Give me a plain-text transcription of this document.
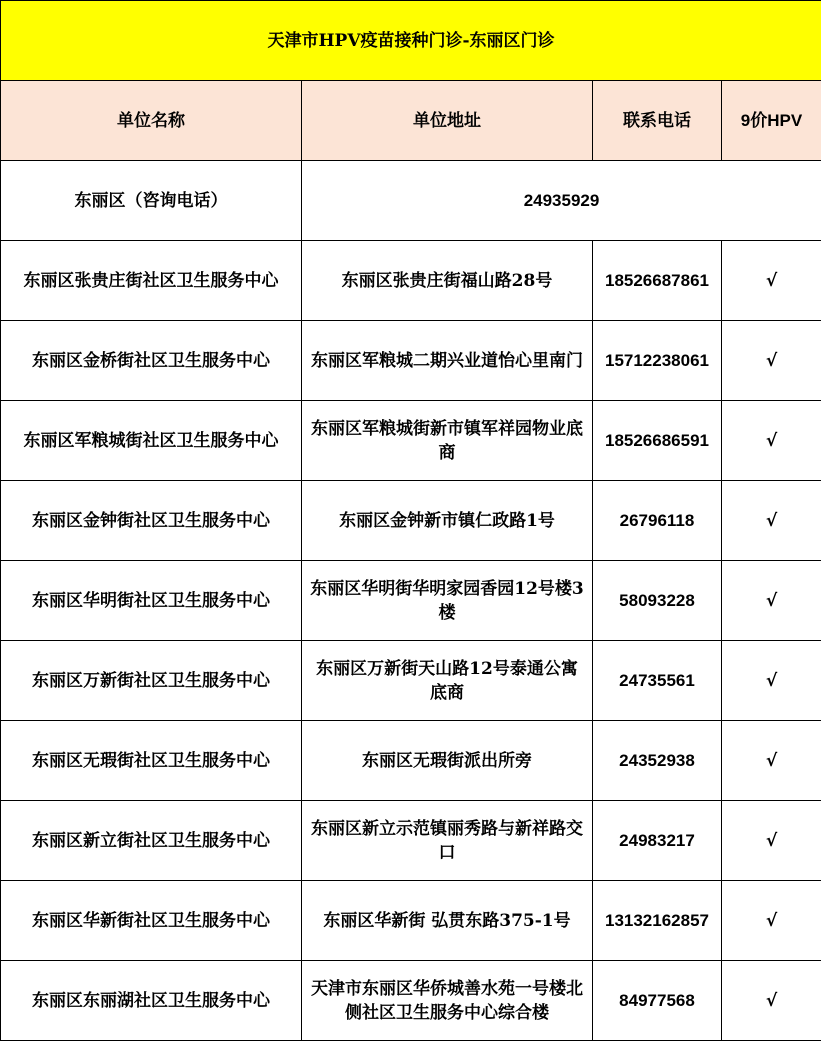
天津市HPV疫苗接种门诊-东丽区门诊			
单位名称	单位地址	联系电话	9价HPV
东丽区（咨询电话）	24935929		
东丽区张贵庄街社区卫生服务中心	东丽区张贵庄街福山路28号	18526687861	√
东丽区金桥街社区卫生服务中心	东丽区军粮城二期兴业道怡心里南门	15712238061	√
东丽区军粮城街社区卫生服务中心	东丽区军粮城街新市镇军祥园物业底商	18526686591	√
东丽区金钟街社区卫生服务中心	东丽区金钟新市镇仁政路1号	26796118	√
东丽区华明街社区卫生服务中心	东丽区华明街华明家园香园12号楼3楼	58093228	√
东丽区万新街社区卫生服务中心	东丽区万新街天山路12号泰通公寓底商	24735561	√
东丽区无瑕街社区卫生服务中心	东丽区无瑕街派出所旁	24352938	√
东丽区新立街社区卫生服务中心	东丽区新立示范镇丽秀路与新祥路交口	24983217	√
东丽区华新街社区卫生服务中心	东丽区华新街 弘贯东路375-1号	13132162857	√
东丽区东丽湖社区卫生服务中心	天津市东丽区华侨城善水苑一号楼北侧社区卫生服务中心综合楼	84977568	√
